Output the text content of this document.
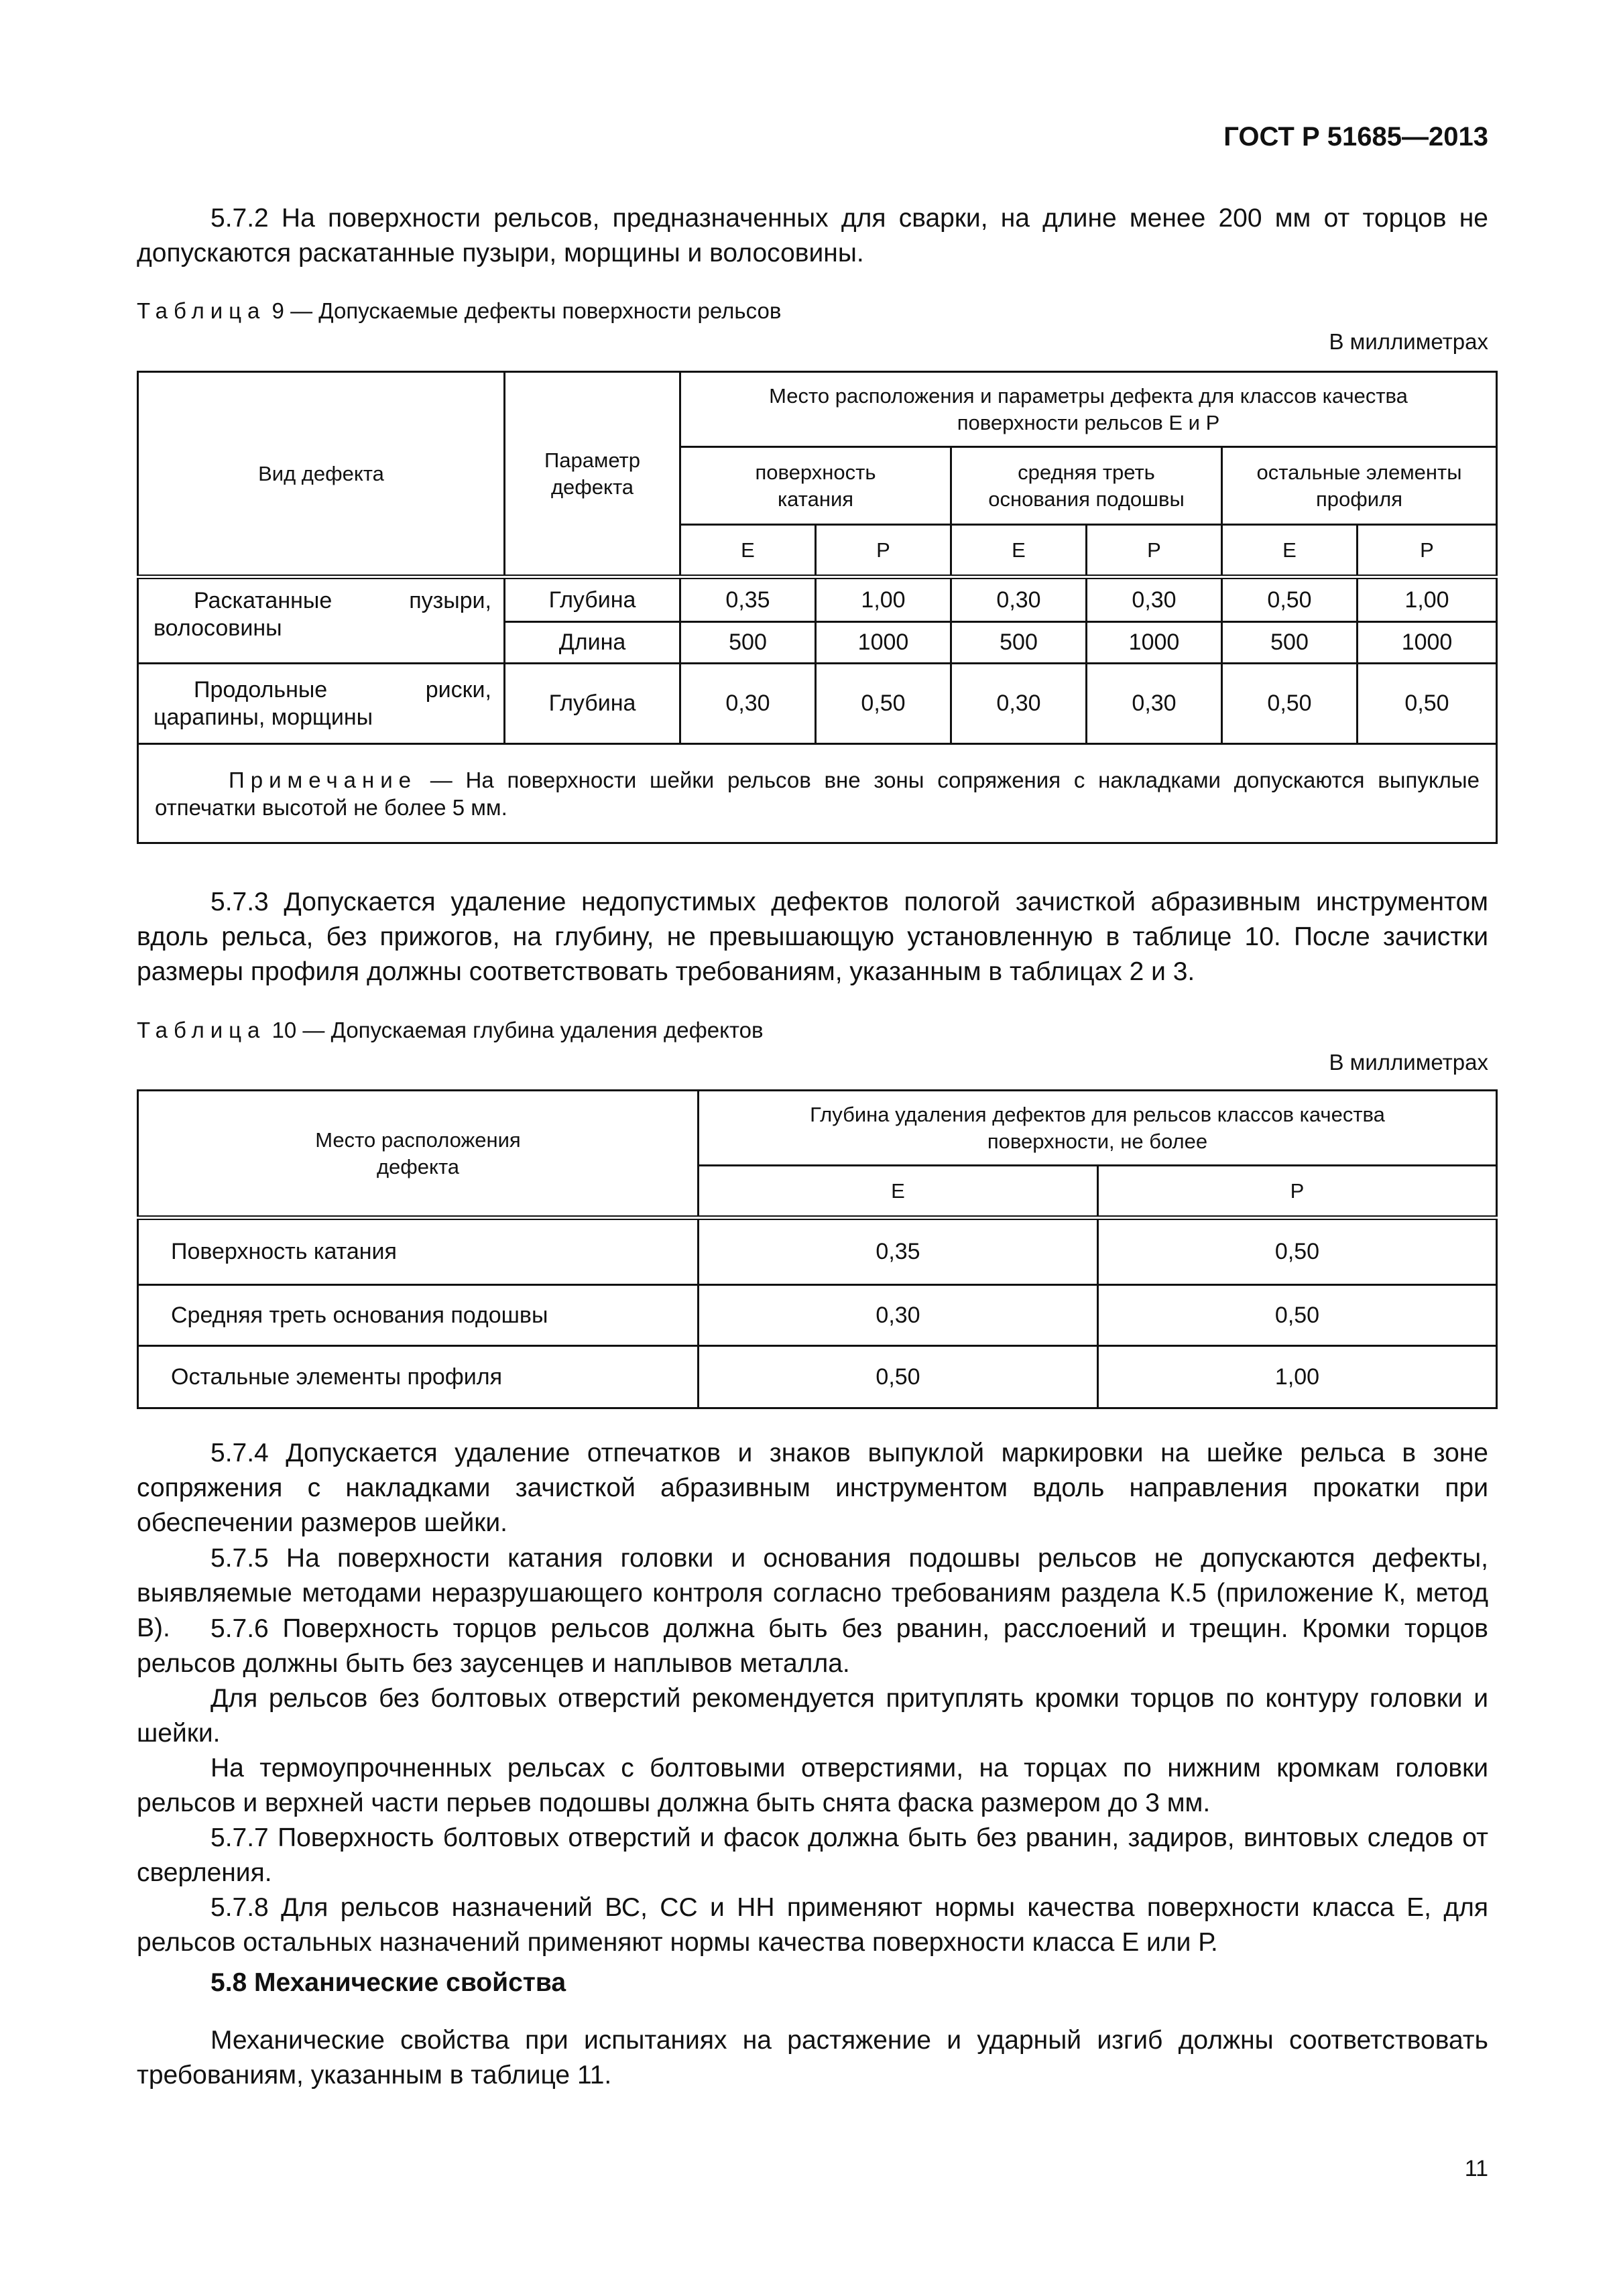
ГОСТ Р 51685—2013
5.7.2 На поверхности рельсов, предназначенных для сварки, на длине менее 200 мм от торцов не допускаются раскатанные пузыри, морщины и волосовины.
Таблица 9 — Допускаемые дефекты поверхности рельсов
В миллиметрах
Вид дефекта	Параметр дефекта	Место расположения и параметры дефекта для классов качества поверхности рельсов Е и Р					
		поверхность катания		средняя треть основания подошвы		остальные элементы профиля	
		Е	Р	Е	Р	Е	Р
Раскатанные пузыри, волосовины	Глубина	0,35	1,00	0,30	0,30	0,50	1,00
	Длина	500	1000	500	1000	500	1000
Продольные риски, царапины, морщины	Глубина	0,30	0,50	0,30	0,30	0,50	0,50
Примечание — На поверхности шейки рельсов вне зоны сопряжения с накладками допускаются выпуклые отпечатки высотой не более 5 мм.							
5.7.3 Допускается удаление недопустимых дефектов пологой зачисткой абразивным инструментом вдоль рельса, без прижогов, на глубину, не превышающую установленную в таблице 10. После зачистки размеры профиля должны соответствовать требованиям, указанным в таблицах 2 и 3.
Таблица 10 — Допускаемая глубина удаления дефектов
В миллиметрах
Место расположения дефекта	Глубина удаления дефектов для рельсов классов качества поверхности, не более	
	Е	Р
Поверхность катания	0,35	0,50
Средняя треть основания подошвы	0,30	0,50
Остальные элементы профиля	0,50	1,00
5.7.4 Допускается удаление отпечатков и знаков выпуклой маркировки на шейке рельса в зоне сопряжения с накладками зачисткой абразивным инструментом вдоль направления прокатки при обеспечении размеров шейки.
5.7.5 На поверхности катания головки и основания подошвы рельсов не допускаются дефекты, выявляемые методами неразрушающего контроля согласно требованиям раздела К.5 (приложение К, метод В).	5.7.6 Поверхность торцов рельсов должна быть без рванин, расслоений и трещин. Кромки торцов рельсов должны быть без заусенцев и наплывов металла.
Для рельсов без болтовых отверстий рекомендуется притуплять кромки торцов по контуру головки и шейки.
На термоупрочненных рельсах с болтовыми отверстиями, на торцах по нижним кромкам головки рельсов и верхней части перьев подошвы должна быть снята фаска размером до 3 мм.
5.7.7 Поверхность болтовых отверстий и фасок должна быть без рванин, задиров, винтовых следов от сверления.
5.7.8 Для рельсов назначений ВС, СС и НН применяют нормы качества поверхности класса Е, для рельсов остальных назначений применяют нормы качества поверхности класса Е или Р.
5.8 Механические свойства
Механические свойства при испытаниях на растяжение и ударный изгиб должны соответствовать требованиям, указанным в таблице 11.
11
